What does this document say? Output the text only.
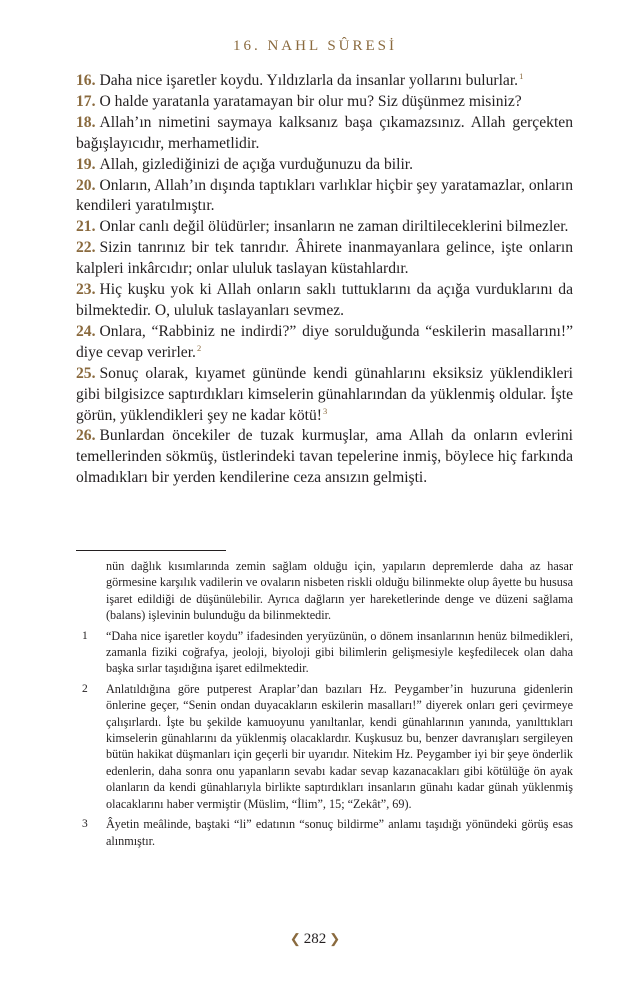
16. NAHL SÛRESİ

16. Daha nice işaretler koydu. Yıldızlarla da insanlar yollarını bulurlar.$^1$

17. O halde yaratanla yaratamayan bir olur mu? Siz düşünmez misiniz?

18. Allah’ın nimetini saymaya kalksanız başa çıkamazsınız. Allah gerçekten bağışlayıcıdır, merhametlidir.

19. Allah, gizlediğinizi de açığa vurduğunuzu da bilir.

20. Onların, Allah’ın dışında taptıkları varlıklar hiçbir şey yaratamazlar, onların kendileri yaratılmıştır.

21. Onlar canlı değil ölüdürler; insanların ne zaman diriltileceklerini bilmezler.

22. Sizin tanrınız bir tek tanrıdır. Âhirete inanmayanlara gelince, işte onların kalpleri inkârcıdır; onlar ululuk taslayan küstahlardır.

23. Hiç kuşku yok ki Allah onların saklı tuttuklarını da açığa vurduklarını da bilmektedir. O, ululuk taslayanları sevmez.

24. Onlara, “Rabbiniz ne indirdi?” diye sorulduğunda “eskilerin masallarını!” diye cevap verirler.$^2$

25. Sonuç olarak, kıyamet gününde kendi günahlarını eksiksiz yüklendikleri gibi bilgisizce saptırdıkları kimselerin günahlarından da yüklenmiş oldular. İşte görün, yüklendikleri şey ne kadar kötü!$^3$

26. Bunlardan öncekiler de tuzak kurmuşlar, ama Allah da onların evlerini temellerinden sökmüş, üstlerindeki tavan tepelerine inmiş, böylece hiç farkında olmadıkları bir yerden kendilerine ceza ansızın gelmişti.

nün dağlık kısımlarında zemin sağlam olduğu için, yapıların depremlerde daha az hasar görmesine karşılık vadilerin ve ovaların nisbeten riskli olduğu bilinmekte olup âyette bu hususa işaret edildiği de düşünülebilir. Ayrıca dağların yer hareketlerinde denge ve düzeni sağlama (balans) işlevinin bulunduğu da bilinmektedir.

1 “Daha nice işaretler koydu” ifadesinden yeryüzünün, o dönem insanlarının henüz bilmedikleri, zamanla fiziki coğrafya, jeoloji, biyoloji gibi bilimlerin gelişmesiyle keşfedilecek olan daha başka sırlar taşıdığına işaret edilmektedir.

2 Anlatıldığına göre putperest Araplar’dan bazıları Hz. Peygamber’in huzuruna gidenlerin önlerine geçer, “Senin ondan duyacakların eskilerin masalları!” diyerek onları geri çevirmeye çalışırlardı. İşte bu şekilde kamuoyunu yanıltanlar, kendi günahlarının yanında, yanılttıkları kimselerin günahlarını da yüklenmiş olacaklardır. Kuşkusuz bu, benzer davranışları sergileyen bütün hakikat düşmanları için geçerli bir uyarıdır. Nitekim Hz. Peygamber iyi bir şeye önderlik edenlerin, daha sonra onu yapanların sevabı kadar sevap kazanacakları gibi kötülüğe ön ayak olanların da kendi günahlarıyla birlikte saptırdıkları insanların günahı kadar günah yüklenmiş olacaklarını haber vermiştir (Müslim, “İlim”, 15; “Zekât”, 69).

3 Âyetin meâlinde, baştaki “li” edatının “sonuç bildirme” anlamı taşıdığı yönündeki görüş esas alınmıştır.

❮ 282 ❯
